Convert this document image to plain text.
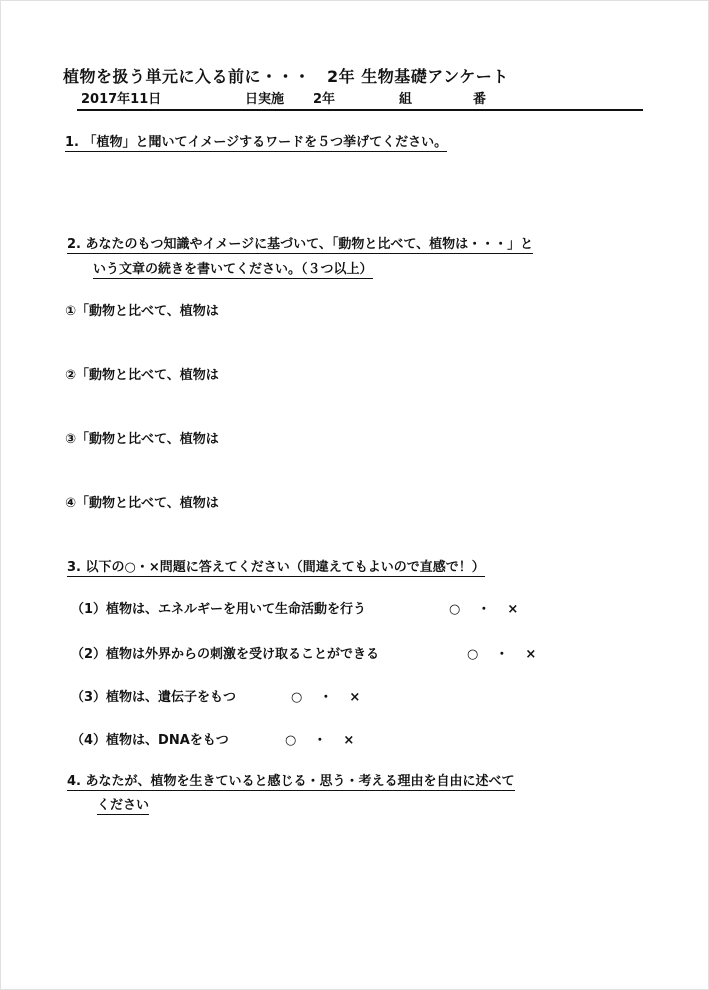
植物を扱う単元に入る前に・・・　2年 生物基礎アンケート
2017年11日	日実施 2年	組	番
1. 「植物」と聞いてイメージするワードを５つ挙げてください。
2. あなたのもつ知識やイメージに基づいて、「動物と比べて、植物は・・・」と
いう文章の続きを書いてください。（３つ以上）
①「動物と比べて、植物は
②「動物と比べて、植物は
③「動物と比べて、植物は
④「動物と比べて、植物は
3. 以下の○・×問題に答えてください（間違えてもよいので直感で！）
（1）植物は、エネルギーを用いて生命活動を行う	○　・　×
（2）植物は外界からの刺激を受け取ることができる	○　・　×
（3）植物は、遺伝子をもつ	○　・　×
（4）植物は、DNAをもつ	○　・　×
4. あなたが、植物を生きていると感じる・思う・考える理由を自由に述べて
ください
